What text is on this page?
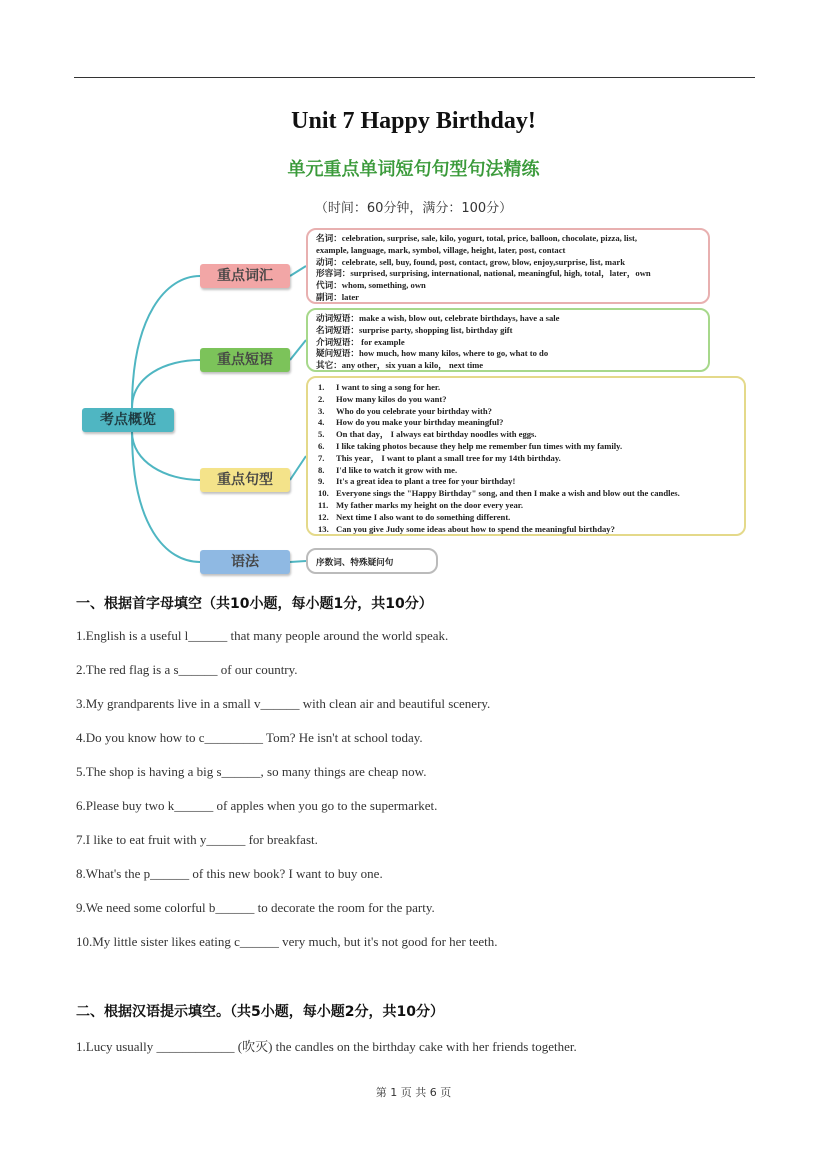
Unit 7 Happy Birthday!
单元重点单词短句句型句法精练
（时间：60分钟，满分：100分）
考点概览
重点词汇
重点短语
重点句型
语法
名词：celebration, surprise, sale, kilo, yogurt, total, price, balloon, chocolate, pizza, list,
example, language, mark, symbol, village, height, later, post, contact
动词：celebrate, sell, buy, found, post, contact, grow, blow, enjoy,surprise, list, mark
形容词：surprised, surprising, international, national, meaningful, high, total，later，own
代词：whom, something, own
副词：later
动词短语：make a wish, blow out, celebrate birthdays, have a sale
名词短语：surprise party, shopping list, birthday gift
介词短语： for example
疑问短语：how much, how many kilos, where to go, what to do
其它：any other，six yuan a kilo， next time
1.	I want to sing a song for her.
2.	How many kilos do you want?
3.	Who do you celebrate your birthday with?
4.	How do you make your birthday meaningful?
5.	On that day， I always eat birthday noodles with eggs.
6.	I like taking photos because they help me remember fun times with my family.
7.	This year， I want to plant a small tree for my 14th birthday.
8.	I'd like to watch it grow with me.
9.	It's a great idea to plant a tree for your birthday!
10. Everyone sings the "Happy Birthday" song, and then I make a wish and blow out the candles.
11. My father marks my height on the door every year.
12. Next time I also want to do something different.
13. Can you give Judy some ideas about how to spend the meaningful birthday?
序数词、特殊疑问句
一、根据首字母填空（共10小题，每小题1分，共10分）
1.English is a useful l______ that many people around the world speak.
2.The red flag is a s______ of our country.
3.My grandparents live in a small v______ with clean air and beautiful scenery.
4.Do you know how to c_________ Tom? He isn't at school today.
5.The shop is having a big s______, so many things are cheap now.
6.Please buy two k______ of apples when you go to the supermarket.
7.I like to eat fruit with y______ for breakfast.
8.What's the p______ of this new book? I want to buy one.
9.We need some colorful b______ to decorate the room for the party.
10.My little sister likes eating c______ very much, but it's not good for her teeth.
二、根据汉语提示填空。（共5小题，每小题2分，共10分）
1.Lucy usually ____________ (吹灭) the candles on the birthday cake with her friends together.
第 1 页 共 6 页
